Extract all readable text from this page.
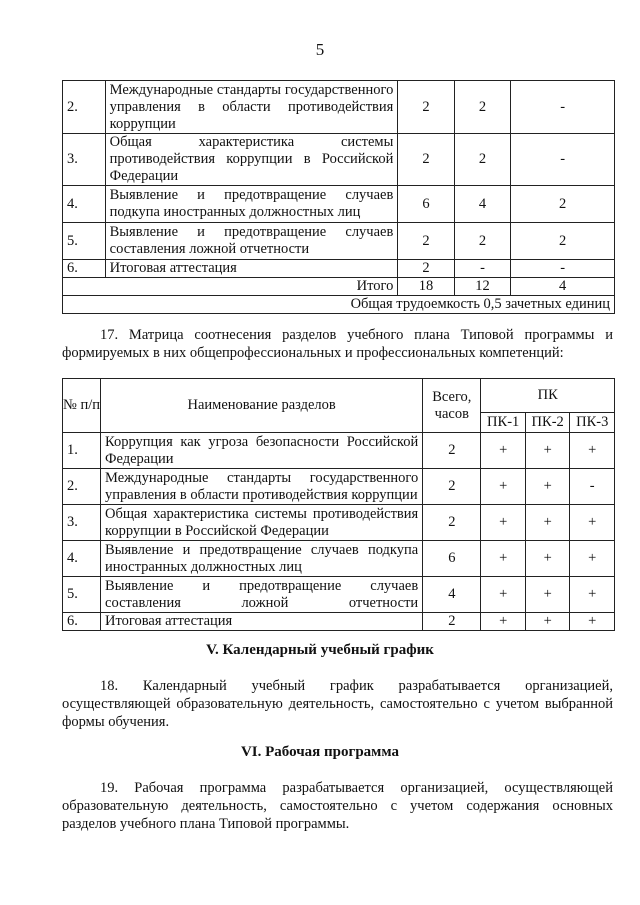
5
2.	Международные стандарты государственного управления в области противодействия коррупции	2	2	-
3.	Общая характеристика системы противодействия коррупции в Российской Федерации	2	2	-
4.	Выявление и предотвращение случаев подкупа иностранных должностных лиц	6	4	2
5.	Выявление и предотвращение случаев составления ложной отчетности	2	2	2
6.	Итоговая аттестация	2	-	-
Итого		18	12	4
Общая трудоемкость 0,5 зачетных единиц				
17. Матрица соотнесения разделов учебного плана Типовой программы и формируемых в них общепрофессиональных и профессиональных компетенций:
№ п/п	Наименование разделов	Всего, часов	ПК		
			ПК-1	ПК-2	ПК-3
1.	Коррупция как угроза безопасности Российской Федерации	2	+	+	+
2.	Международные стандарты государственного управления в области противодействия коррупции	2	+	+	-
3.	Общая характеристика системы противодействия коррупции в Российской Федерации	2	+	+	+
4.	Выявление и предотвращение случаев подкупа иностранных должностных лиц	6	+	+	+
5.	Выявление и предотвращение случаев составления ложной отчетности	4	+	+	+
6.	Итоговая аттестация	2	+	+	+
V. Календарный учебный график
18. Календарный учебный график разрабатывается организацией, осуществляющей образовательную деятельность, самостоятельно с учетом выбранной формы обучения.
VI. Рабочая программа
19. Рабочая программа разрабатывается организацией, осуществляющей образовательную деятельность, самостоятельно с учетом содержания основных разделов учебного плана Типовой программы.
